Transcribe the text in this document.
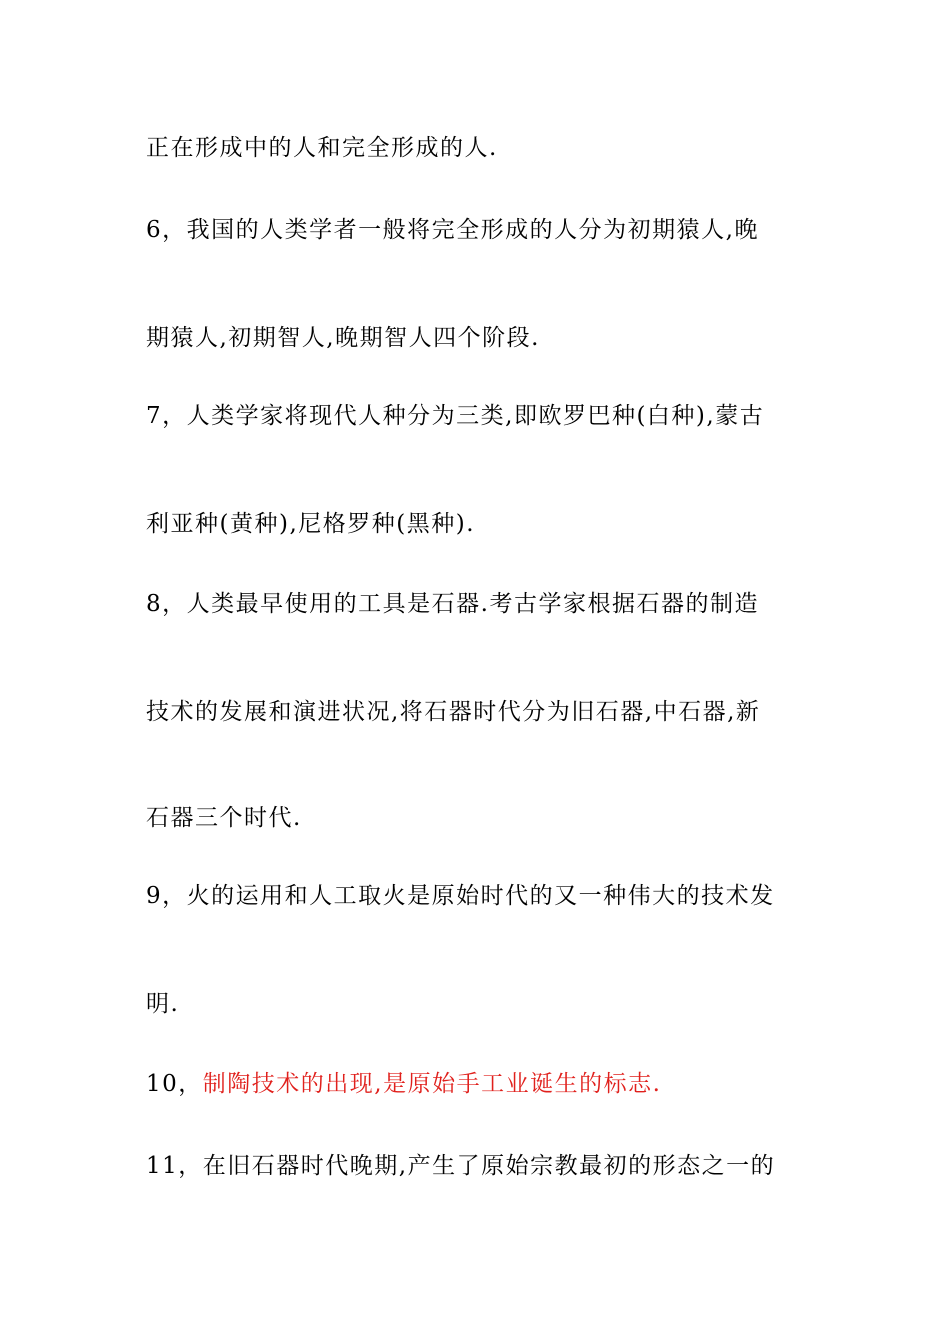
正在形成中的人和完全形成的人.
6，我国的人类学者一般将完全形成的人分为初期猿人,晚
期猿人,初期智人,晚期智人四个阶段.
7，人类学家将现代人种分为三类,即欧罗巴种(白种),蒙古
利亚种(黄种),尼格罗种(黑种).
8，人类最早使用的工具是石器.考古学家根据石器的制造
技术的发展和演进状况,将石器时代分为旧石器,中石器,新
石器三个时代.
9，火的运用和人工取火是原始时代的又一种伟大的技术发
明.
10，制陶技术的出现,是原始手工业诞生的标志.
11，在旧石器时代晚期,产生了原始宗教最初的形态之一的
